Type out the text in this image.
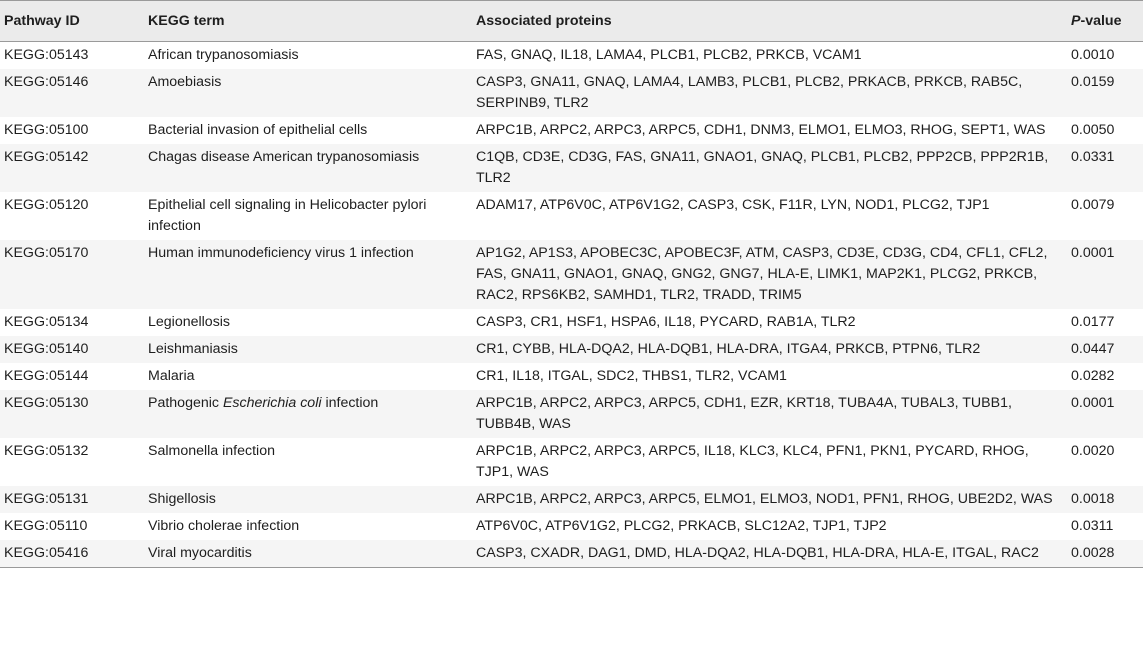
Pathway ID	KEGG term	Associated proteins	P-value
KEGG:05143	African trypanosomiasis	FAS, GNAQ, IL18, LAMA4, PLCB1, PLCB2, PRKCB, VCAM1	0.0010
KEGG:05146	Amoebiasis	CASP3, GNA11, GNAQ, LAMA4, LAMB3, PLCB1, PLCB2, PRKACB, PRKCB, RAB5C, SERPINB9, TLR2	0.0159
KEGG:05100	Bacterial invasion of epithelial cells	ARPC1B, ARPC2, ARPC3, ARPC5, CDH1, DNM3, ELMO1, ELMO3, RHOG, SEPT1, WAS	0.0050
KEGG:05142	Chagas disease American trypanosomiasis	C1QB, CD3E, CD3G, FAS, GNA11, GNAO1, GNAQ, PLCB1, PLCB2, PPP2CB, PPP2R1B, TLR2	0.0331
KEGG:05120	Epithelial cell signaling in Helicobacter pylori infection	ADAM17, ATP6V0C, ATP6V1G2, CASP3, CSK, F11R, LYN, NOD1, PLCG2, TJP1	0.0079
KEGG:05170	Human immunodeficiency virus 1 infection	AP1G2, AP1S3, APOBEC3C, APOBEC3F, ATM, CASP3, CD3E, CD3G, CD4, CFL1, CFL2, FAS, GNA11, GNAO1, GNAQ, GNG2, GNG7, HLA-E, LIMK1, MAP2K1, PLCG2, PRKCB, RAC2, RPS6KB2, SAMHD1, TLR2, TRADD, TRIM5	0.0001
KEGG:05134	Legionellosis	CASP3, CR1, HSF1, HSPA6, IL18, PYCARD, RAB1A, TLR2	0.0177
KEGG:05140	Leishmaniasis	CR1, CYBB, HLA-DQA2, HLA-DQB1, HLA-DRA, ITGA4, PRKCB, PTPN6, TLR2	0.0447
KEGG:05144	Malaria	CR1, IL18, ITGAL, SDC2, THBS1, TLR2, VCAM1	0.0282
KEGG:05130	Pathogenic Escherichia coli infection	ARPC1B, ARPC2, ARPC3, ARPC5, CDH1, EZR, KRT18, TUBA4A, TUBAL3, TUBB1, TUBB4B, WAS	0.0001
KEGG:05132	Salmonella infection	ARPC1B, ARPC2, ARPC3, ARPC5, IL18, KLC3, KLC4, PFN1, PKN1, PYCARD, RHOG, TJP1, WAS	0.0020
KEGG:05131	Shigellosis	ARPC1B, ARPC2, ARPC3, ARPC5, ELMO1, ELMO3, NOD1, PFN1, RHOG, UBE2D2, WAS	0.0018
KEGG:05110	Vibrio cholerae infection	ATP6V0C, ATP6V1G2, PLCG2, PRKACB, SLC12A2, TJP1, TJP2	0.0311
KEGG:05416	Viral myocarditis	CASP3, CXADR, DAG1, DMD, HLA-DQA2, HLA-DQB1, HLA-DRA, HLA-E, ITGAL, RAC2	0.0028
